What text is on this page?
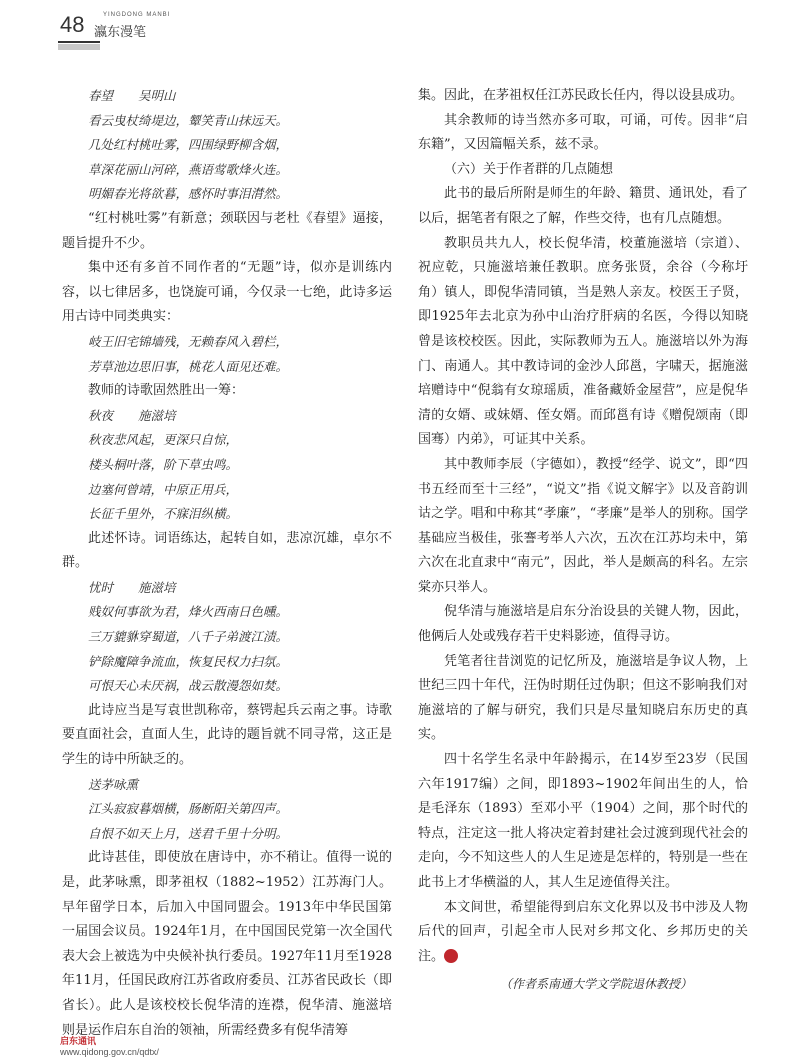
48	YINGDONG MANBI
瀛东漫笔

春望　　吴明山

看云曳杖绮堤边，颦笑青山抹远天。

几处红村桃吐雾，四围绿野柳含烟，

草深花丽山河碎，燕语莺歌烽火连。

明媚春光将欲暮，感怀时事泪潸然。

“红村桃吐雾”有新意；颈联因与老杜《春望》逼接，题旨提升不少。

集中还有多首不同作者的“无题”诗，似亦是训练内容，以七律居多，也饶旋可诵，今仅录一七绝，此诗多运用古诗中同类典实：

岐王旧宅锦墙残，无赖春风入碧栏，

芳草池边思旧事，桃花人面见还难。

教师的诗歌固然胜出一筹：

秋夜　　施滋培

秋夜悲风起，更深只自惊，

楼头桐叶落，阶下草虫鸣。

边塞何曾靖，中原正用兵，

长征千里外，不寐泪纵横。

此述怀诗。词语练达，起转自如，悲凉沉雄，卓尔不群。

忧时　　施滋培

贱奴何事欲为君，烽火西南日色曛。

三万貔貅穿蜀道，八千子弟渡江渍。

铲除魔障争流血，恢复民权力扫氛。

可恨天心未厌祸，战云散漫怨如焚。

此诗应当是写袁世凯称帝，蔡锷起兵云南之事。诗歌要直面社会，直面人生，此诗的题旨就不同寻常，这正是学生的诗中所缺乏的。

送茅咏熏

江头寂寂暮烟横，肠断阳关第四声。

自恨不如天上月，送君千里十分明。

此诗甚佳，即使放在唐诗中，亦不稍让。值得一说的是，此茅咏熏，即茅祖权（1882~1952）江苏海门人。早年留学日本，后加入中国同盟会。1913年中华民国第一届国会议员。1924年1月，在中国国民党第一次全国代表大会上被选为中央候补执行委员。1927年11月至1928年11月，任国民政府江苏省政府委员、江苏省民政长（即省长）。此人是该校校长倪华清的连襟，倪华清、施滋培则是运作启东自治的领袖，所需经费多有倪华清筹

集。因此，在茅祖权任江苏民政长任内，得以设县成功。

其余教师的诗当然亦多可取，可诵，可传。因非“启东籍”，又因篇幅关系，兹不录。

（六）关于作者群的几点随想

此书的最后所附是师生的年龄、籍贯、通讯处，看了以后，据笔者有限之了解，作些交待，也有几点随想。

教职员共九人，校长倪华清，校董施滋培（宗道）、祝应乾，只施滋培兼任教职。庶务张贤，余谷（今称圩角）镇人，即倪华清同镇，当是熟人亲友。校医王子贤，即1925年去北京为孙中山治疗肝病的名医，今得以知晓曾是该校校医。因此，实际教师为五人。施滋培以外为海门、南通人。其中教诗词的金沙人邱邕，字啸天，据施滋培赠诗中“倪翁有女琼瑶质，准备藏娇金屋营”，应是倪华清的女婿、或妹婿、侄女婿。而邱邕有诗《赠倪颂南（即国骞）内弟》，可证其中关系。

其中教师李辰（字德如），教授“经学、说文”，即“四书五经而至十三经”，“说文”指《说文解字》以及音韵训诂之学。唱和中称其“孝廉”，“孝廉”是举人的别称。国学基础应当极佳，张謇考举人六次，五次在江苏均未中，第六次在北直隶中“南元”，因此，举人是颇高的科名。左宗棠亦只举人。

倪华清与施滋培是启东分治设县的关键人物，因此，他俩后人处或残存若干史料影迹，值得寻访。

凭笔者往昔浏览的记忆所及，施滋培是争议人物，上世纪三四十年代，汪伪时期任过伪职；但这不影响我们对施滋培的了解与研究，我们只是尽量知晓启东历史的真实。

四十名学生名录中年龄揭示，在14岁至23岁（民国六年1917编）之间，即1893~1902年间出生的人，恰是毛泽东（1893）至邓小平（1904）之间，那个时代的特点，注定这一批人将决定着封建社会过渡到现代社会的走向，今不知这些人的人生足迹是怎样的，特别是一些在此书上才华横溢的人，其人生足迹值得关注。

本文间世，希望能得到启东文化界以及书中涉及人物后代的回声，引起全市人民对乡邦文化、乡邦历史的关注。	启

（作者系南通大学文学院退休教授）
启东通讯
www.qidong.gov.cn/qdtx/
